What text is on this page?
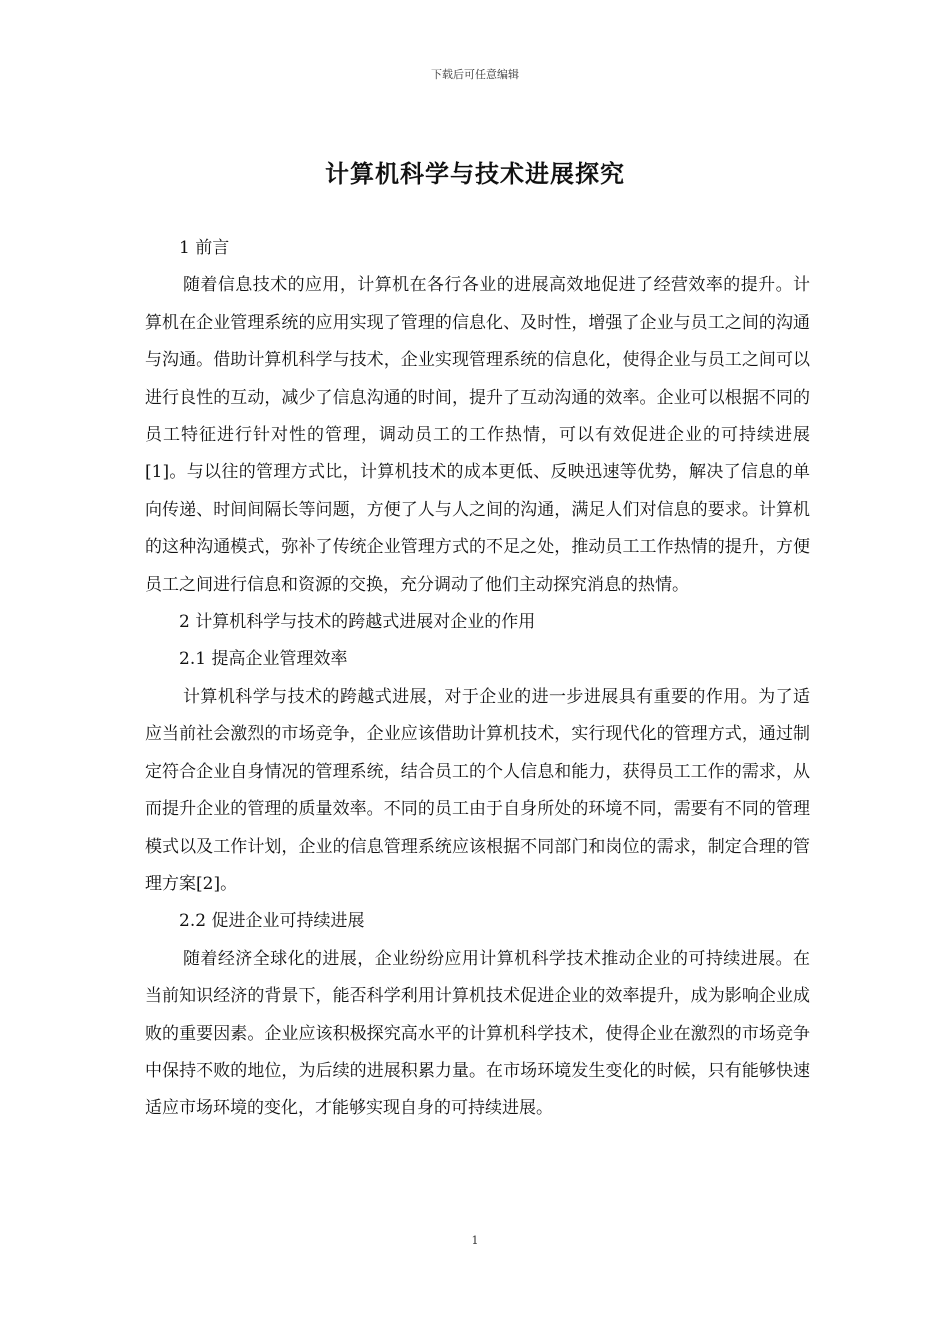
下载后可任意编辑
计算机科学与技术进展探究

1 前言

随着信息技术的应用，计算机在各行各业的进展高效地促进了经营效率的提升。计算机在企业管理系统的应用实现了管理的信息化、及时性，增强了企业与员工之间的沟通与沟通。借助计算机科学与技术，企业实现管理系统的信息化，使得企业与员工之间可以进行良性的互动，减少了信息沟通的时间，提升了互动沟通的效率。企业可以根据不同的员工特征进行针对性的管理，调动员工的工作热情，可以有效促进企业的可持续进展[1]。与以往的管理方式比，计算机技术的成本更低、反映迅速等优势，解决了信息的单向传递、时间间隔长等问题，方便了人与人之间的沟通，满足人们对信息的要求。计算机的这种沟通模式，弥补了传统企业管理方式的不足之处，推动员工工作热情的提升，方便员工之间进行信息和资源的交换，充分调动了他们主动探究消息的热情。

2 计算机科学与技术的跨越式进展对企业的作用

2.1 提高企业管理效率

计算机科学与技术的跨越式进展，对于企业的进一步进展具有重要的作用。为了适应当前社会激烈的市场竞争，企业应该借助计算机技术，实行现代化的管理方式，通过制定符合企业自身情况的管理系统，结合员工的个人信息和能力，获得员工工作的需求，从而提升企业的管理的质量效率。不同的员工由于自身所处的环境不同，需要有不同的管理模式以及工作计划，企业的信息管理系统应该根据不同部门和岗位的需求，制定合理的管理方案[2]。

2.2 促进企业可持续进展

随着经济全球化的进展，企业纷纷应用计算机科学技术推动企业的可持续进展。在当前知识经济的背景下，能否科学利用计算机技术促进企业的效率提升，成为影响企业成败的重要因素。企业应该积极探究高水平的计算机科学技术，使得企业在激烈的市场竞争中保持不败的地位，为后续的进展积累力量。在市场环境发生变化的时候，只有能够快速适应市场环境的变化，才能够实现自身的可持续进展。

1
